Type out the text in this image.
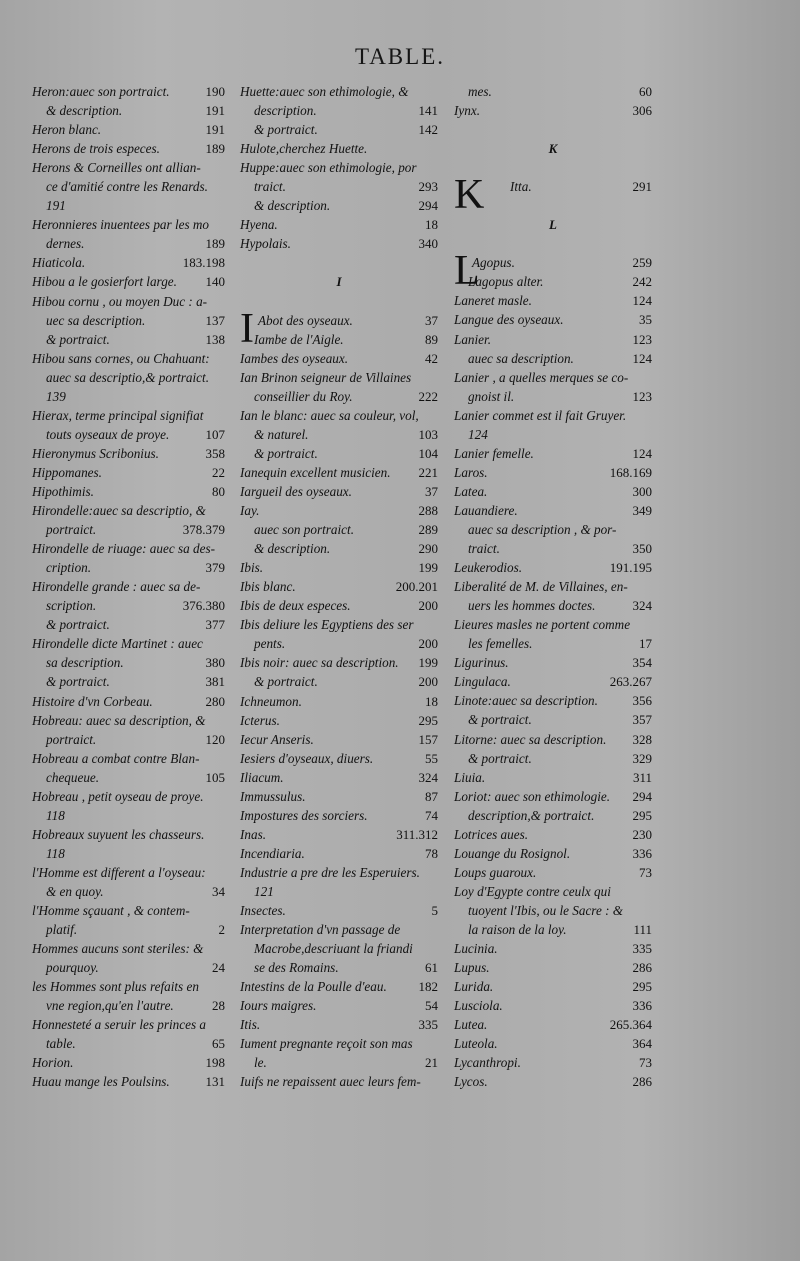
TABLE.
Heron:auec son portraict.	190
& description.	191
Heron blanc.	191
Herons de trois especes.	189
Herons & Corneilles ont allian-
ce d'amitié contre les Renards.
191
Heronnieres inuentees par les mo
dernes.	189
Hiaticola.	183.198
Hibou a le gosierfort large. 140
Hibou cornu , ou moyen Duc : a-
uec sa description.	137
& portraict.	138
Hibou sans cornes, ou Chahuant:
auec sa descriptio,& portraict.
139
Hierax, terme principal signifiat
touts oyseaux de proye.	107
Hieronymus Scribonius.	358
Hippomanes.	22
Hipothimis.	80
Hirondelle:auec sa descriptio, &
portraict.	378.379
Hirondelle de riuage: auec sa des-
cription.	379
Hirondelle grande : auec sa de-
scription.	376.380
& portraict.	377
Hirondelle dicte Martinet : auec
sa description.	380
& portraict.	381
Histoire d'vn Corbeau.	280
Hobreau: auec sa description, &
portraict.	120
Hobreau a combat contre Blan-
chequeue.	105
Hobreau , petit oyseau de proye.
118
Hobreaux suyuent les chasseurs.
118
l'Homme est different a l'oyseau:
& en quoy.	34
l'Homme sçauant , & contem-
platif.	2
Hommes aucuns sont steriles: &
pourquoy.	24
les Hommes sont plus refaits en
vne region,qu'en l'autre.	28
Honnesteté a seruir les princes a
table.	65
Horion.	198
Huau mange les Poulsins.	131
Huette:auec son ethimologie, &
description.	141
& portraict.	142
Hulote,cherchez Huette.
Huppe:auec son ethimologie, por
traict.	293
& description.	294
Hyena.	18
Hypolais.	340
I
I Abot des oyseaux.	37
Iambe de l'Aigle.	89
Iambes des oyseaux.	42
Ian Brinon seigneur de Villaines
conseillier du Roy.	222
Ian le blanc: auec sa couleur, vol,
& naturel.	103
& portraict.	104
Ianequin excellent musicien. 221
Iargueil des oyseaux.	37
Iay.	288
auec son portraict.	289
& description.	290
Ibis.	199
Ibis blanc.	200.201
Ibis de deux especes.	200
Ibis deliure les Egyptiens des ser
pents.	200
Ibis noir: auec sa description. 199
& portraict.	200
Ichneumon.	18
Icterus.	295
Iecur Anseris.	157
Iesiers d'oyseaux, diuers.	55
Iliacum.	324
Immussulus.	87
Impostures des sorciers.	74
Inas.	311.312
Incendiaria.	78
Industrie a pre dre les Esperuiers.
121
Insectes.	5
Interpretation d'vn passage de
Macrobe,descriuant la friandi
se des Romains.	61
Intestins de la Poulle d'eau. 182
Iours maigres.	54
Itis.	335
Iument pregnante reçoit son mas
le.	21
Iuifs ne repaissent auec leurs fem-
mes.	60
Iynx.	306
K
K Itta.	291
L
L
Agopus.	259
Lagopus alter.	242
Laneret masle.	124
Langue des oyseaux.	35
Lanier.	123
auec sa description.	124
Lanier , a quelles merques se co-
gnoist il.	123
Lanier commet est il fait Gruyer.
124
Lanier femelle.	124
Laros.	168.169
Latea.	300
Lauandiere.	349
auec sa description , & por-
traict.	350
Leukerodios.	191.195
Liberalité de M. de Villaines, en-
uers les hommes doctes.	324
Lieures masles ne portent comme
les femelles.	17
Ligurinus.	354
Lingulaca.	263.267
Linote:auec sa description.	356
& portraict.	357
Litorne: auec sa description. 328
& portraict.	329
Liuia.	311
Loriot: auec son ethimologie. 294
description,& portraict.	295
Lotrices aues.	230
Louange du Rosignol.	336
Loups guaroux.	73
Loy d'Egypte contre ceulx qui
tuoyent l'Ibis, ou le Sacre : &
la raison de la loy.	111
Lucinia.	335
Lupus.	286
Lurida.	295
Lusciola.	336
Lutea.	265.364
Luteola.	364
Lycanthropi.	73
Lycos.	286
